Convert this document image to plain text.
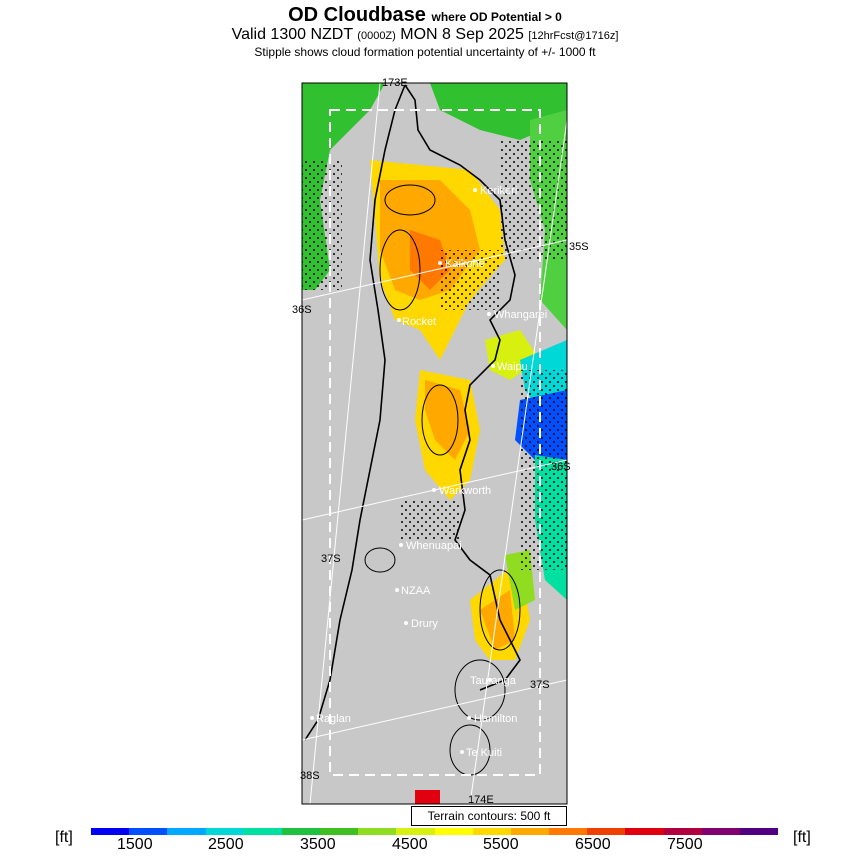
OD Cloudbase where OD Potential > 0
Valid 1300 NZDT (0000Z) MON 8 Sep 2025 [12hrFcst@1716z]
Stipple shows cloud formation potential uncertainty of +/- 1000 ft
173E
35S
36S
36S
37S
37S
38S
174E
Kerikeri
Kaikohe
Rocket
Whangarei
Waipu
Warkworth
Whenuapai
NZAA
Drury
Tauranga
Raglan	Hamilton
Te Kuiti
Terrain contours: 500 ft
[ft]	[ft]
1500	2500	3500	4500	5500	6500	7500
